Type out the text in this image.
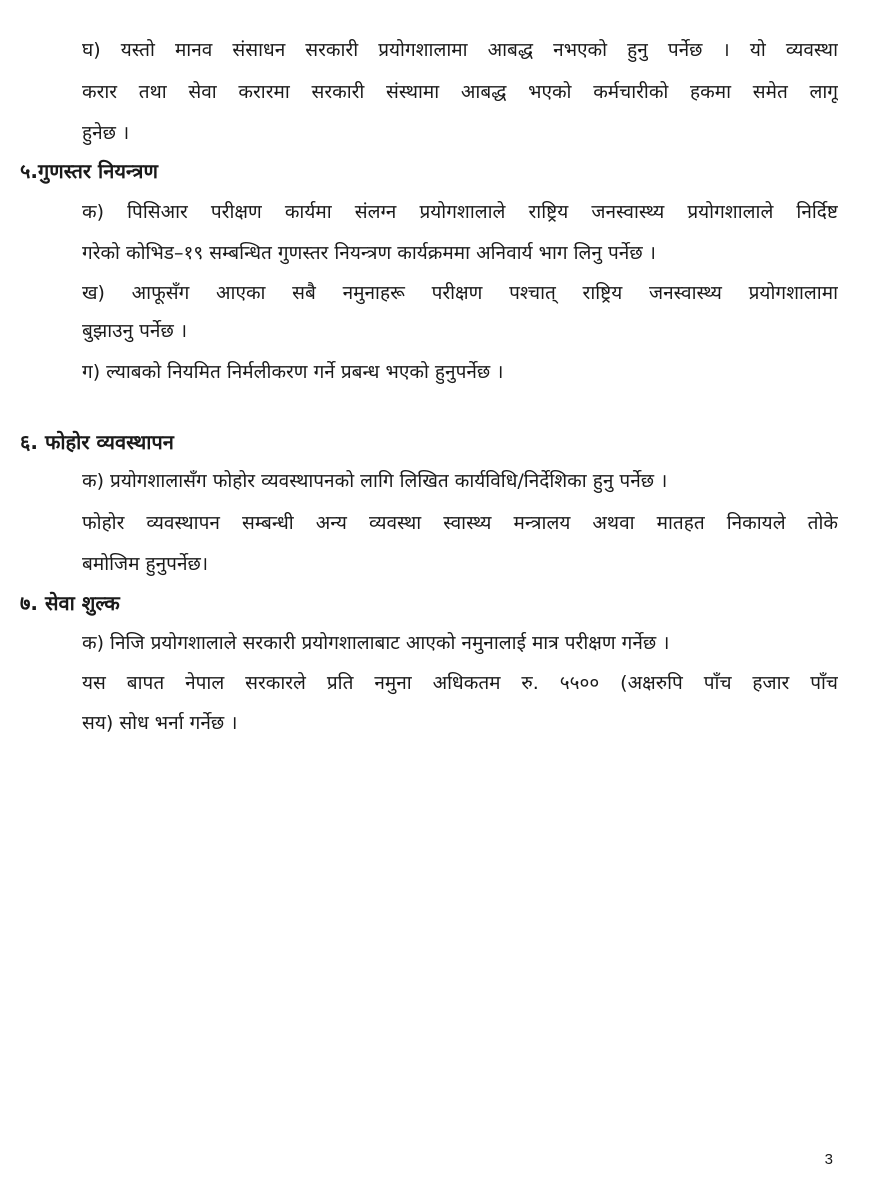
घ) यस्तो मानव संसाधन सरकारी प्रयोगशालामा आबद्ध नभएको हुनु पर्नेछ । यो व्यवस्था
करार तथा सेवा करारमा सरकारी संस्थामा आबद्ध भएको कर्मचारीको हकमा समेत लागू
हुनेछ ।
५.गुणस्तर नियन्त्रण
क) पिसिआर परीक्षण कार्यमा संलग्न प्रयोगशालाले राष्ट्रिय जनस्वास्थ्य प्रयोगशालाले निर्दिष्ट
गरेको कोभिड–१९ सम्बन्धित गुणस्तर नियन्त्रण कार्यक्रममा अनिवार्य भाग लिनु पर्नेछ ।
ख) आफूसँग आएका सबै नमुनाहरू परीक्षण पश्चात् राष्ट्रिय जनस्वास्थ्य प्रयोगशालामा
बुझाउनु पर्नेछ ।
ग) ल्याबको नियमित निर्मलीकरण गर्ने प्रबन्ध भएको हुनुपर्नेछ ।
६. फोहोर व्यवस्थापन
क) प्रयोगशालासँग फोहोर व्यवस्थापनको लागि लिखित कार्यविधि/निर्देशिका हुनु पर्नेछ ।
फोहोर व्यवस्थापन सम्बन्धी अन्य व्यवस्था स्वास्थ्य मन्त्रालय अथवा मातहत निकायले तोके
बमोजिम हुनुपर्नेछ।
७. सेवा शुल्क
क) निजि प्रयोगशालाले सरकारी प्रयोगशालाबाट आएको नमुनालाई मात्र परीक्षण गर्नेछ ।
यस बापत नेपाल सरकारले प्रति नमुना अधिकतम रु. ५५०० (अक्षरुपि पाँच हजार पाँच
सय) सोध भर्ना गर्नेछ ।
3
